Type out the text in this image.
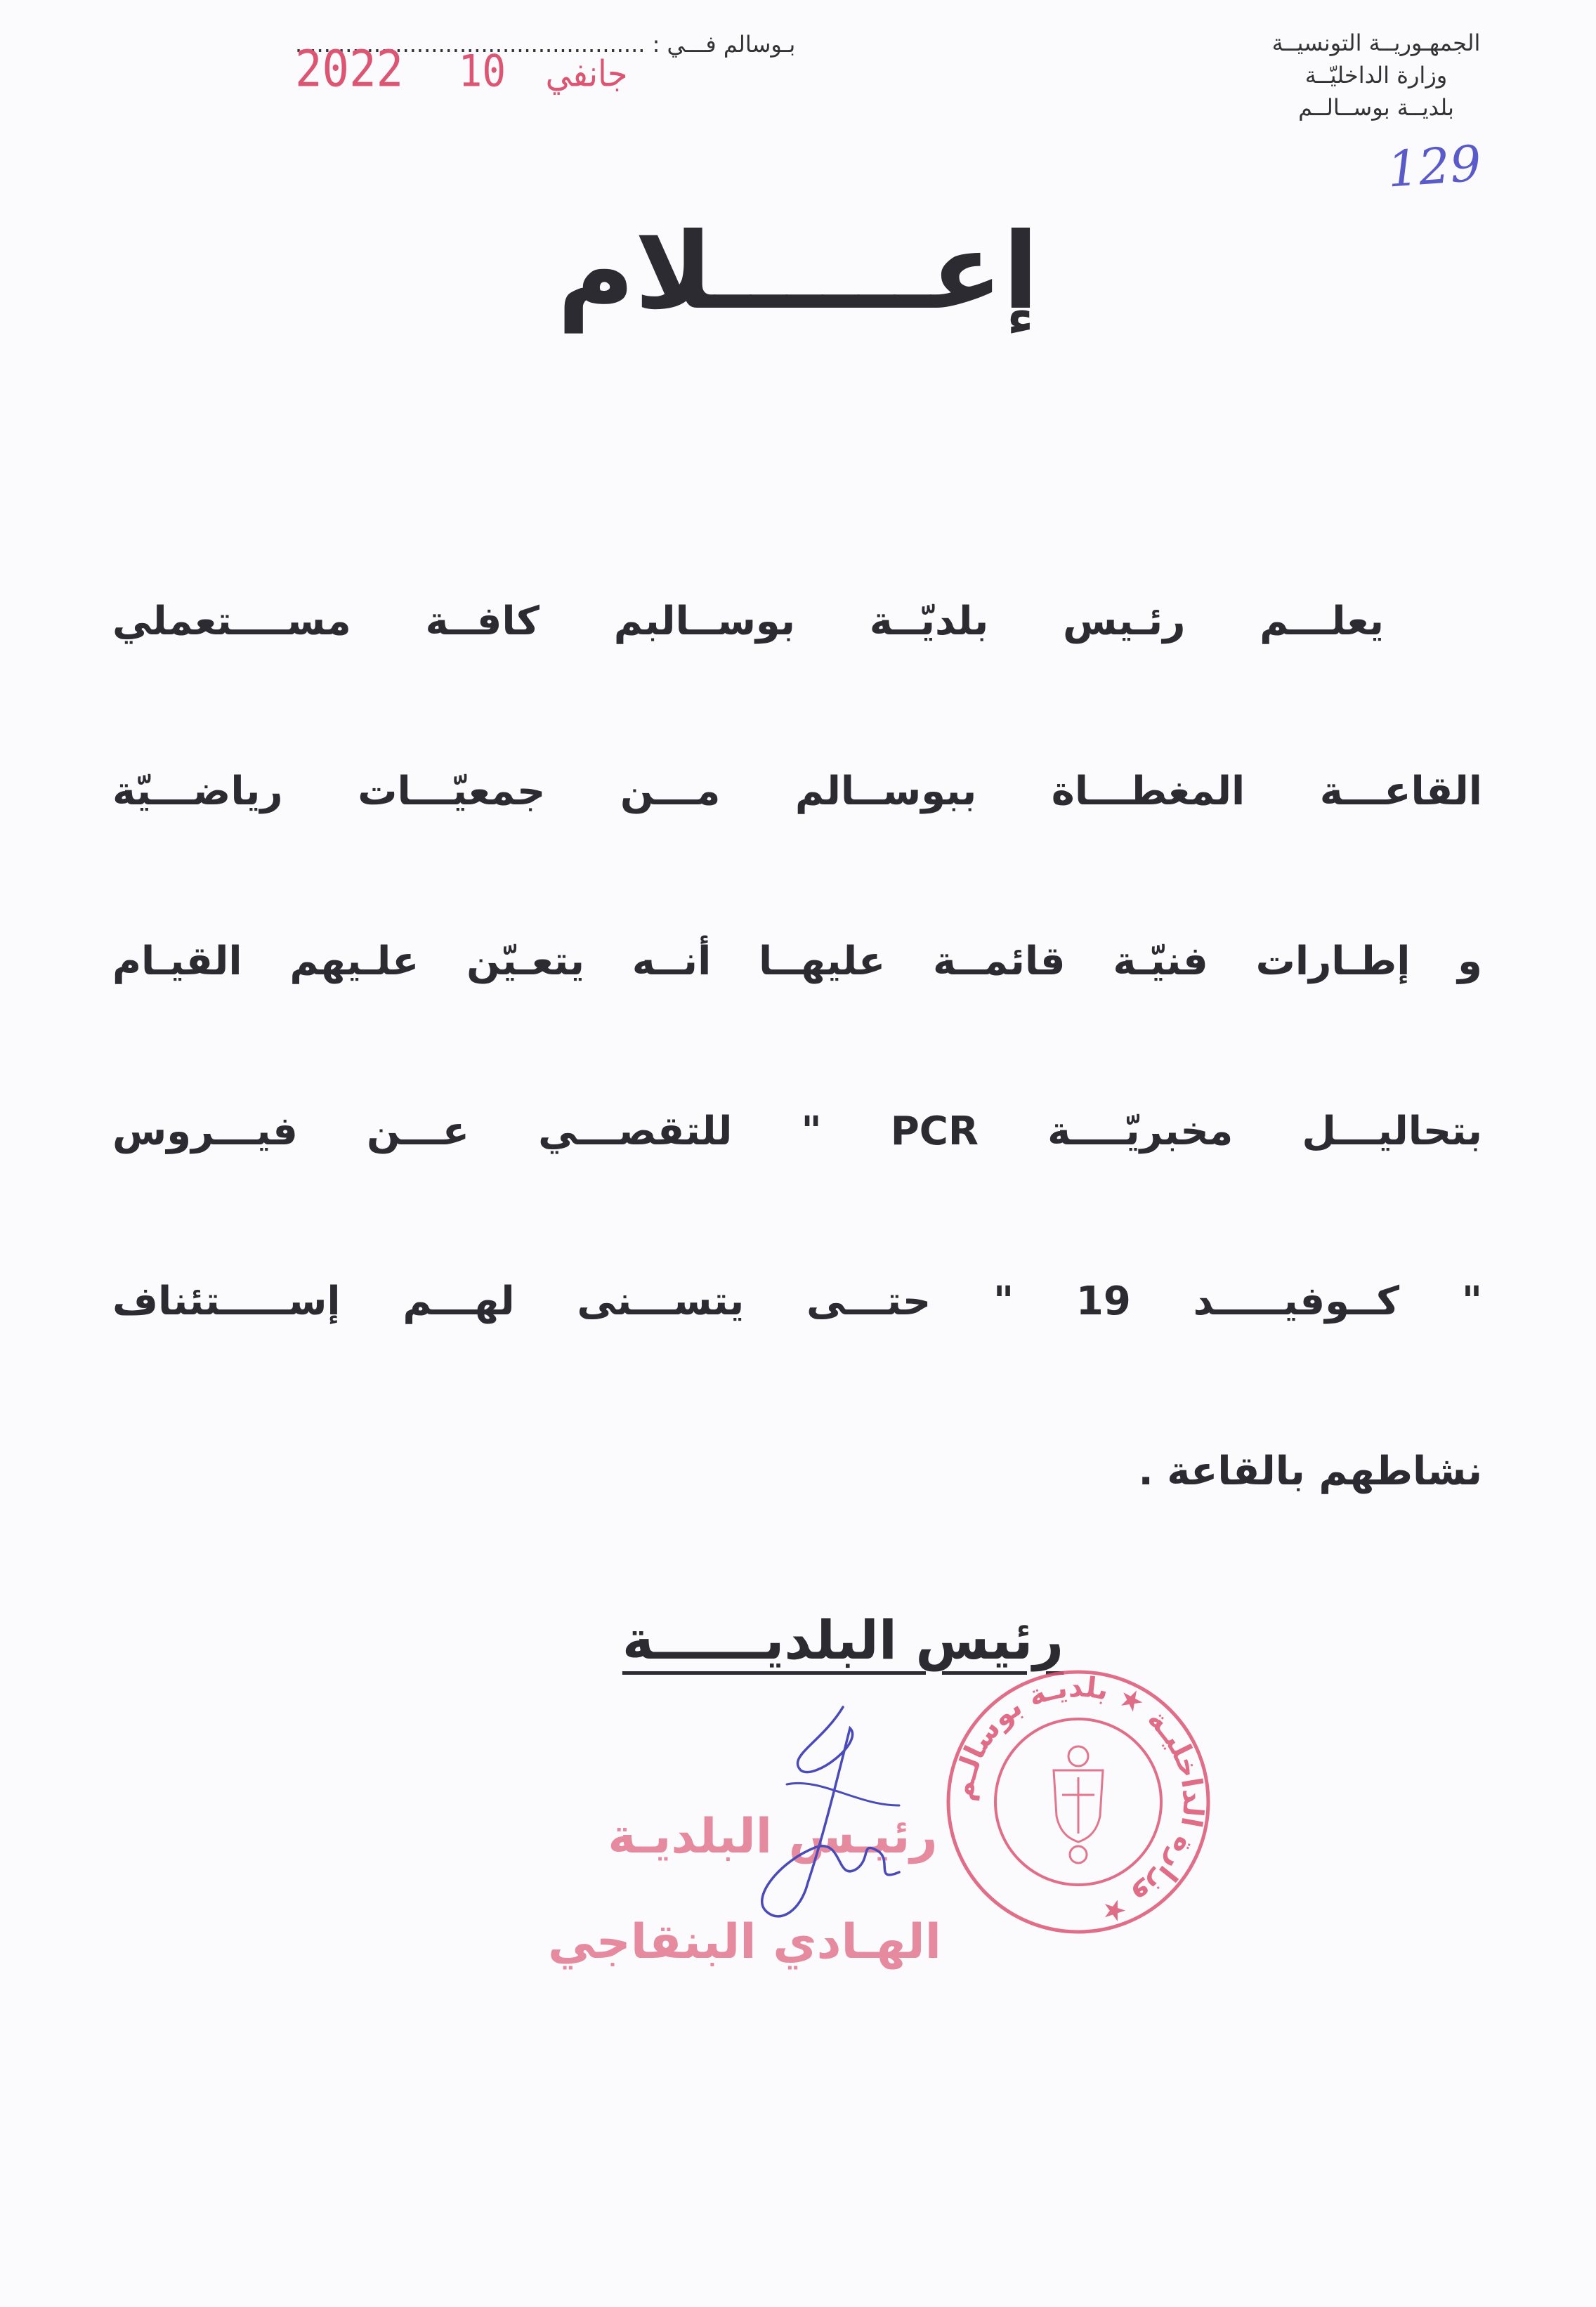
الجمهـوريــة التونسيــة
وزارة الداخليّــة
بلديــة بوســالــم
بـوسالم فـــي : .................................................
2022	جانفي 10
129
إعــــــلام
يعلـــم رئـيس بلديّــة بوســالبم كافــة مســــتعملي
القاعـــة المغطـــاة ببوســالم مـــن جمعيّـــات رياضـــيّة
و إطـارات فنيّـة قائمــة عليهــا أنــه يتعـيّن علـيهم القيـام
بتحاليـــل مخبريّــــة PCR " للتقصـــي عـــن فيـــروس
" كــوفيـــــد 19 " حتـــى يتســـنى لهـــم إســـــتئناف
نشاطهم بالقاعة .
رئيس البلديــــــة
رئيـس البلديـة
الهـادي البنقاجي
وزارة الداخليـة ★ بلديـة بوسالـم ★
